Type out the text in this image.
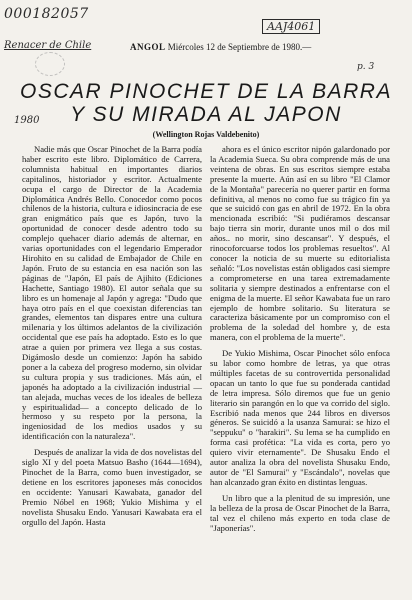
000182057
AAJ4061
Renacer de Chile
p. 3
1980
ANGOL Miércoles 12 de Septiembre de 1980.—
OSCAR PINOCHET DE LA BARRA
Y SU MIRADA AL JAPON
(Wellington Rojas Valdebenito)

Nadie más que Oscar Pinochet de la Barra podía haber escrito este libro. Diplomático de Carrera, columnista habitual en importantes diarios capitalinos, historiador y escritor. Actualmente ocupa el cargo de Director de la Academia Diplomática Andrés Bello. Conocedor como pocos chilenos de la historia, cultura e idiosincracia de ese gran enigmático país que es Japón, tuvo la oportunidad de conocer desde adentro todo su complejo quehacer diario además de alternar, en varias oportunidades con el legendario Emperador Hirohito en su calidad de Embajador de Chile en Japón. Fruto de su estancia en esa nación son las páginas de "Japón, El país de Ajihito (Ediciones Hachette, Santiago 1980). El autor señala que su libro es un homenaje al Japón y agrega: "Dudo que haya otro país en el que coexistan diferencias tan grandes, elementos tan dispares entre una cultura milenaria y los últimos adelantos de la civilización occidental que ese país ha adoptado. Esto es lo que atrae a quien por primera vez llega a sus costas. Digámoslo desde un comienzo: Japón ha sabido poner a la cabeza del progreso moderno, sin olvidar su cultura propia y sus tradiciones. Más aún, el japonés ha adoptado a la civilización industrial —tan alejada, muchas veces de los ideales de belleza y espiritualidad— a concepto delicado de lo hermoso y su respeto por la persona, la ingeniosidad de los medios usados y su identificación con la naturaleza".

Después de analizar la vida de dos novelistas del siglo XI y del poeta Matsuo Basho (1644—1694), Pinochet de la Barra, como buen investigador, se detiene en los escritores japoneses más conocidos en occidente: Yanusari Kawabata, ganador del Premio Nóbel en 1968; Yukio Mishima y el novelista Shusaku Endo. Yanusari Kawabata era el orgullo del Japón. Hasta

ahora es el único escritor nipón galardonado por la Academia Sueca. Su obra comprende más de una veintena de obras. En sus escritos siempre estaba presente la muerte. Aún así en su libro "El Clamor de la Montaña" parecería no querer partir en forma definitiva, al menos no como fue su trágico fin ya que se suicidó con gas en abril de 1972. En la obra mencionada escribió: "Si pudiéramos descansar bajo tierra sin morir, durante unos mil o dos mil años.. no morir, sino descansar". Y después, el rinocoforcuarse todos los problemas resueltos". Al conocer la noticia de su muerte su editorialista señaló: "Los novelistas están obligados casi siempre a comprometerse en una tarea extremadamente solitaria y siempre destinados a enfrentarse con el enigma de la muerte. El señor Kawabata fue un raro ejemplo de hombre solitario. Su literatura se caracteriza básicamente por un compromiso con el problema de la soledad del hombre y, de esta manera, con el problema de la muerte".

De Yukio Mishima, Oscar Pinochet sólo enfoca su labor como hombre de letras, ya que otras múltiples facetas de su controvertida personalidad opacan un tanto lo que fue su ponderada cantidad de letra impresa. Sólo diremos que fue un genio literario sin parangón en lo que va corrido del siglo. Escribió nada menos que 244 libros en diversos géneros. Se suicidó a la usanza Samurai: se hizo el "seppuku" o "harakiri". Su lema se ha cumplido en forma casi profética: "La vida es corta, pero yo quiero vivir eternamente". De Shusaku Endo el autor analiza la obra del novelista Shusaku Endo, autor de "El Samurai" y "Escándalo", novelas que han alcanzado gran éxito en distintas lenguas.

Un libro que a la plenitud de su impresión, une la belleza de la prosa de Oscar Pinochet de la Barra, tal vez el chileno más experto en toda clase de "Japonerías".
